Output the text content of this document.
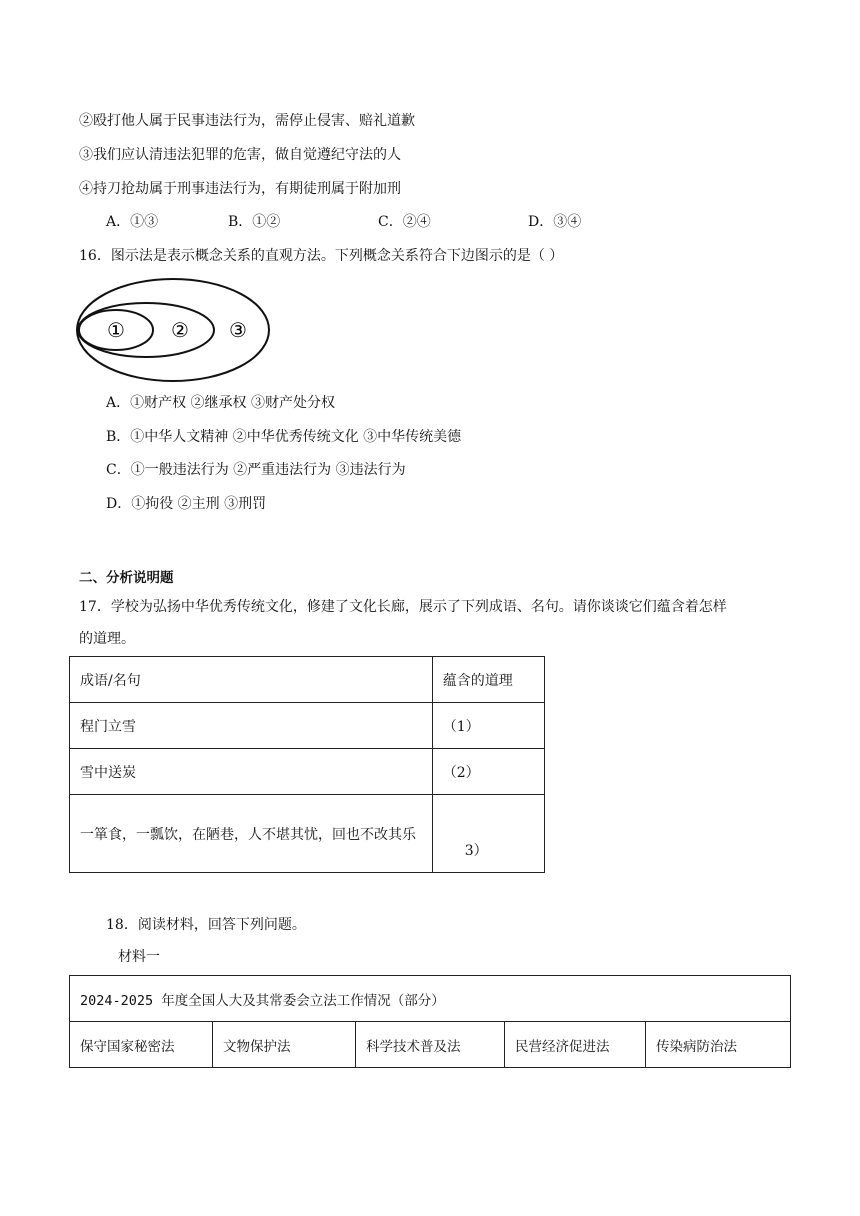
②殴打他人属于民事违法行为，需停止侵害、赔礼道歉
③我们应认清违法犯罪的危害，做自觉遵纪守法的人
④持刀抢劫属于刑事违法行为，有期徒刑属于附加刑
A．①③	B．①②	C．②④	D．③④
16．图示法是表示概念关系的直观方法。下列概念关系符合下边图示的是（ ）
① ② ③
A．①财产权 ②继承权 ③财产处分权
B．①中华人文精神 ②中华优秀传统文化 ③中华传统美德
C．①一般违法行为 ②严重违法行为 ③违法行为
D．①拘役 ②主刑 ③刑罚
二、分析说明题
17．学校为弘扬中华优秀传统文化，修建了文化长廊，展示了下列成语、名句。请你谈谈它们蕴含着怎样
的道理。
成语/名句	蕴含的道理
程门立雪	（1）
雪中送炭	（2）
一箪食，一瓢饮，在陋巷，人不堪其忧，回也不改其乐	3）
18．阅读材料，回答下列问题。
材料一
2024-2025 年度全国人大及其常委会立法工作情况（部分）
保守国家秘密法	文物保护法	科学技术普及法	民营经济促进法	传染病防治法
